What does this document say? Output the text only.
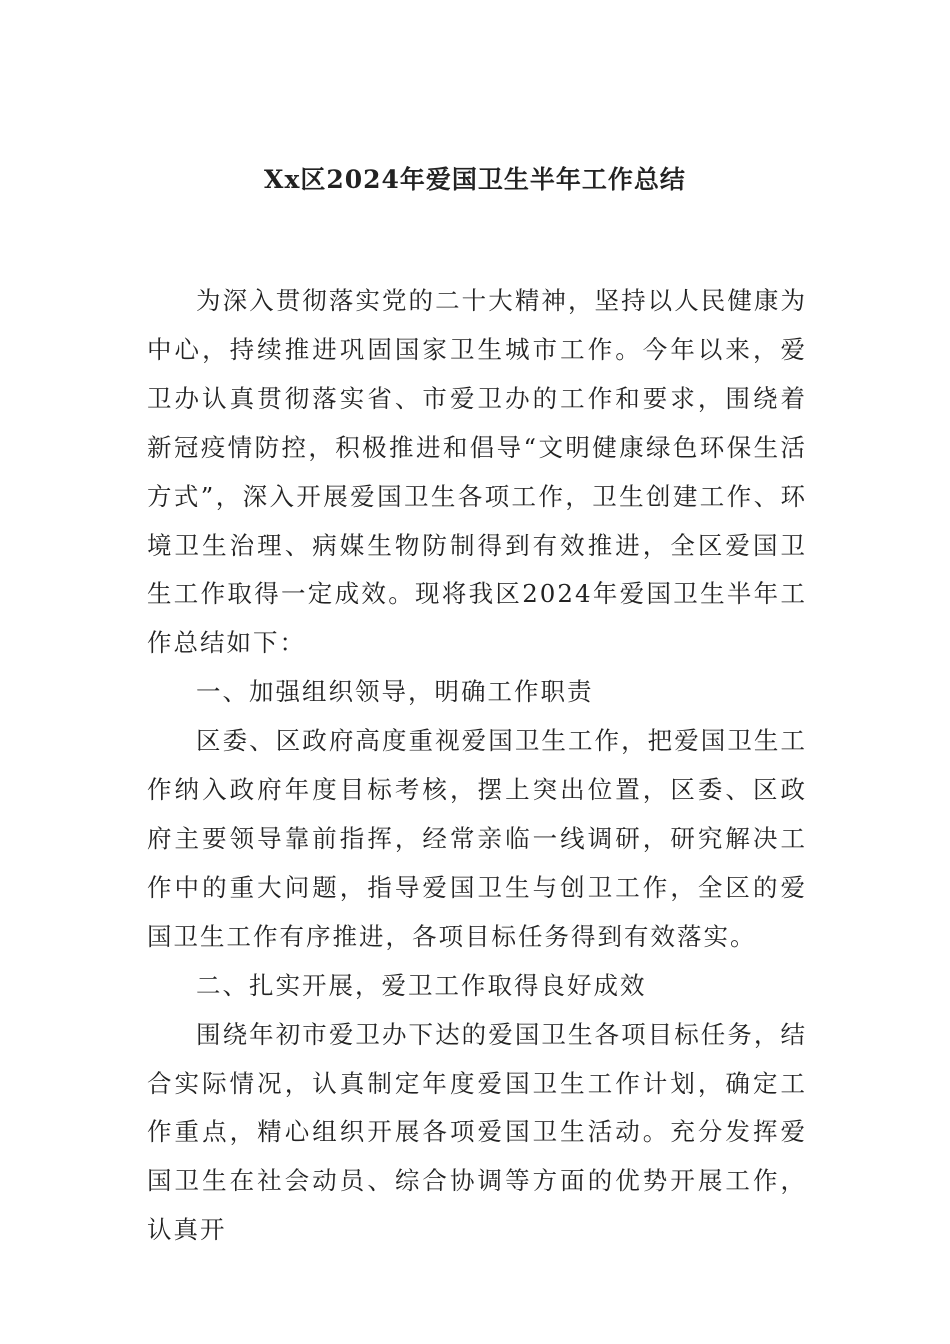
Xx区2024年爱国卫生半年工作总结

为深入贯彻落实党的二十大精神，坚持以人民健康为中心，持续推进巩固国家卫生城市工作。今年以来，爱卫办认真贯彻落实省、市爱卫办的工作和要求，围绕着新冠疫情防控，积极推进和倡导“文明健康绿色环保生活方式”，深入开展爱国卫生各项工作，卫生创建工作、环境卫生治理、病媒生物防制得到有效推进，全区爱国卫生工作取得一定成效。现将我区2024年爱国卫生半年工作总结如下：

一、加强组织领导，明确工作职责

区委、区政府高度重视爱国卫生工作，把爱国卫生工作纳入政府年度目标考核，摆上突出位置，区委、区政府主要领导靠前指挥，经常亲临一线调研，研究解决工作中的重大问题，指导爱国卫生与创卫工作，全区的爱国卫生工作有序推进，各项目标任务得到有效落实。

二、扎实开展，爱卫工作取得良好成效

围绕年初市爱卫办下达的爱国卫生各项目标任务，结合实际情况，认真制定年度爱国卫生工作计划，确定工作重点，精心组织开展各项爱国卫生活动。充分发挥爱国卫生在社会动员、综合协调等方面的优势开展工作，认真开
